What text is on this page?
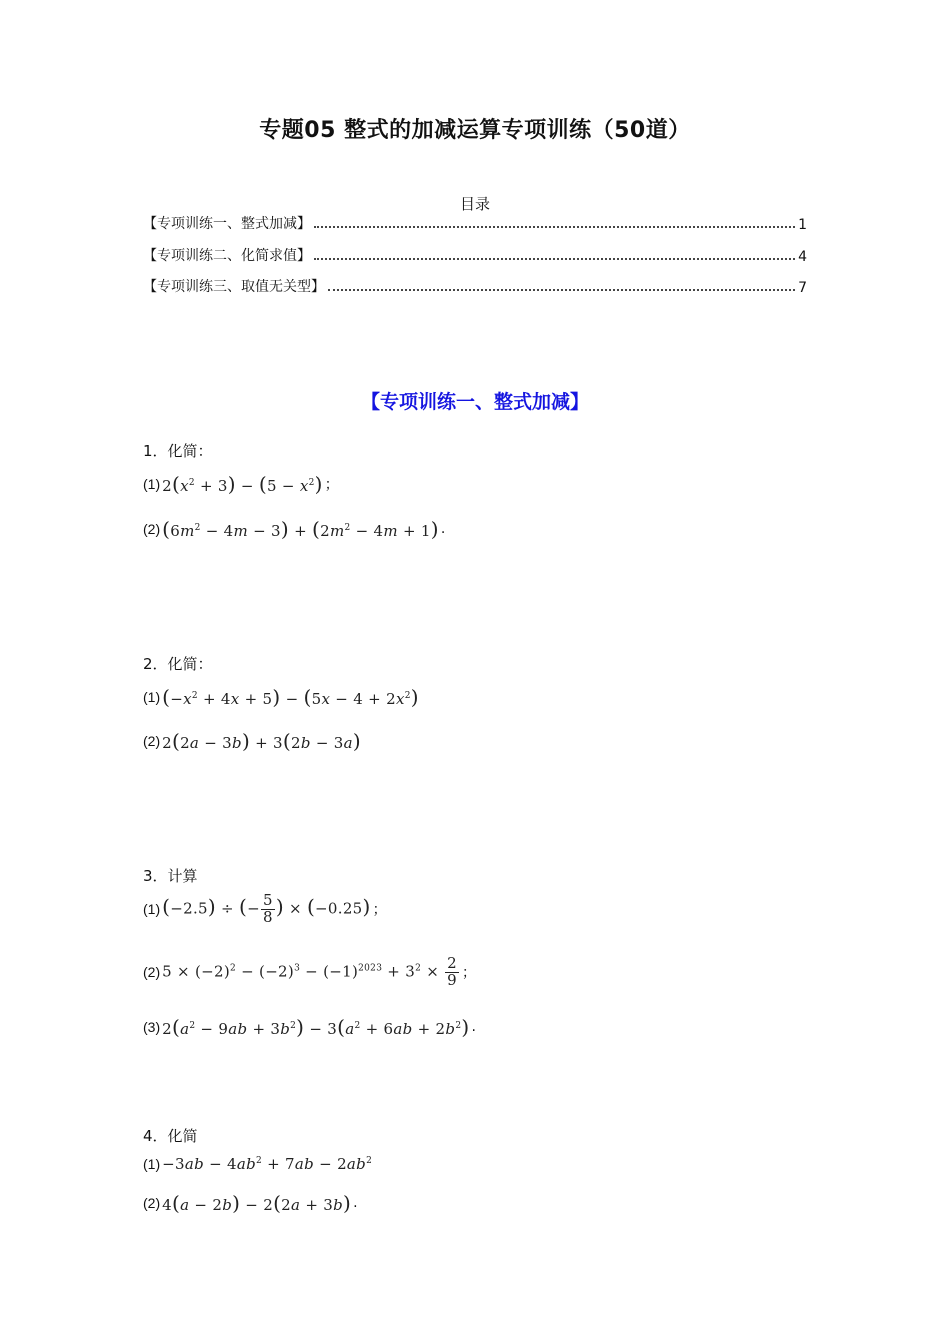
专题05 整式的加减运算专项训练（50道）
目录
【专项训练一、整式加减】	1
【专项训练二、化简求值】	4
【专项训练三、取值无关型】	7
【专项训练一、整式加减】
1．化简：
(1) $2(x^2 + 3) - (5 - x^2)$ ；
(2) $(6m^2 - 4m - 3) + (2m^2 - 4m + 1)$ .
2．化简：
(1) $(-x^2 + 4x + 5) - (5x - 4 + 2x^2)$
(2) 2(2a − 3b) + 3(2b − 3a)
3．计算
(1) (−2.5) ÷ (− $\frac{5}{8}$ ) × (−0.25) ；
(2) $5 \times (-2)^2 - (-2)^3 - (-1)^{2023} + 3^2 \times \frac{2}{9}$ ；
(3) $2(a^2 - 9ab + 3b^2) - 3(a^2 + 6ab + 2b^2)$ .
4．化简
$(1) -3ab - 4ab^2 + 7ab - 2ab^2$
(2) 4(a − 2b) − 2(2a + 3b) .
